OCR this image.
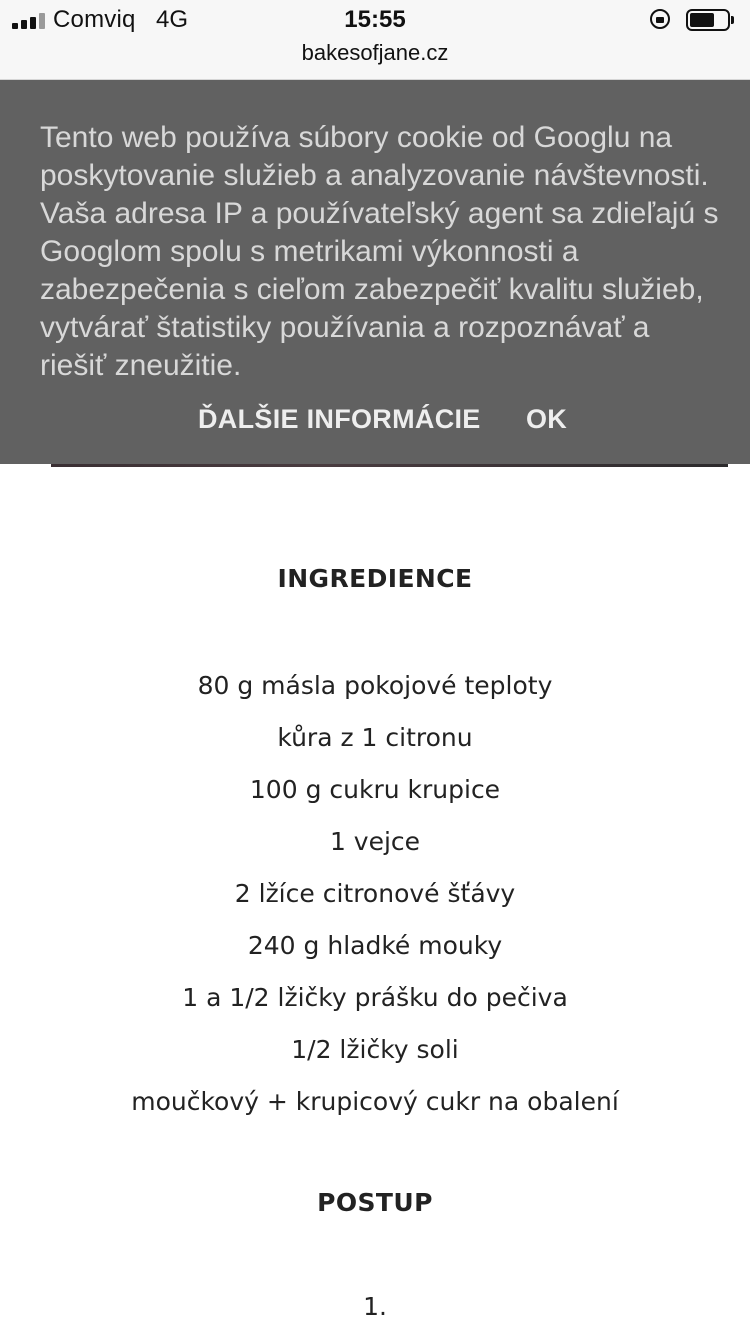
Comviq 4G	15:55
bakesofjane.cz

Tento web používa súbory cookie od Googlu na poskytovanie služieb a analyzovanie návštevnosti. Vaša adresa IP a používateľský agent sa zdieľajú s Googlom spolu s metrikami výkonnosti a zabezpečenia s cieľom zabezpečiť kvalitu služieb, vytvárať štatistiky používania a rozpoznávať a riešiť zneužitie.

ĎALŠIE INFORMÁCIE OK
INGREDIENCE
80 g másla pokojové teploty
kůra z 1 citronu
100 g cukru krupice
1 vejce
2 lžíce citronové šťávy
240 g hladké mouky
1 a 1/2 lžičky prášku do pečiva
1/2 lžičky soli
moučkový + krupicový cukr na obalení
POSTUP
1.
